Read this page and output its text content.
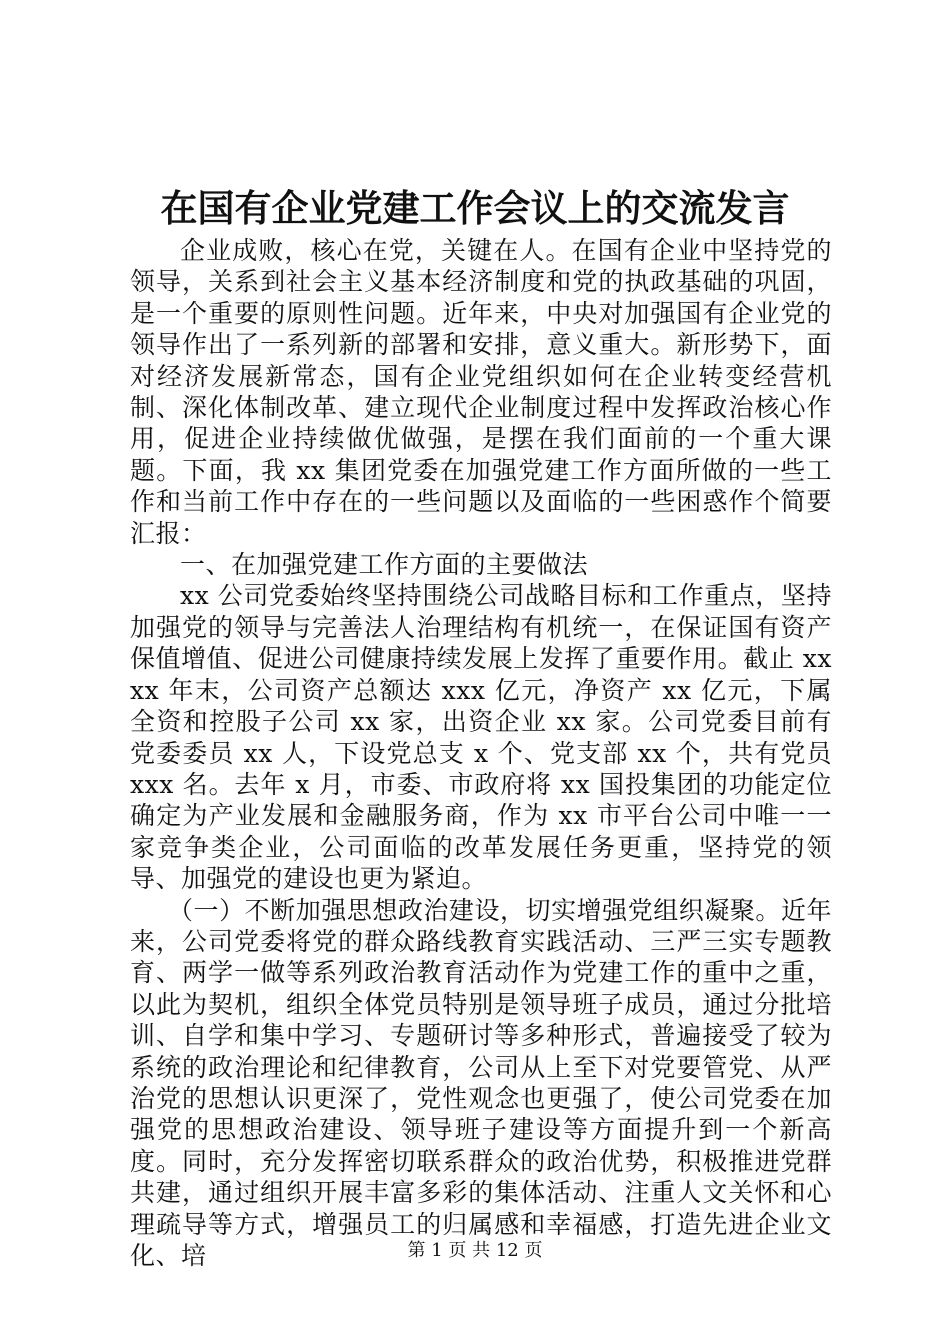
在国有企业党建工作会议上的交流发言

企业成败，核心在党，关键在人。在国有企业中坚持党的领导，关系到社会主义基本经济制度和党的执政基础的巩固，是一个重要的原则性问题。近年来，中央对加强国有企业党的领导作出了一系列新的部署和安排，意义重大。新形势下，面对经济发展新常态，国有企业党组织如何在企业转变经营机制、深化体制改革、建立现代企业制度过程中发挥政治核心作用，促进企业持续做优做强，是摆在我们面前的一个重大课题。下面，我 xx 集团党委在加强党建工作方面所做的一些工作和当前工作中存在的一些问题以及面临的一些困惑作个简要汇报：

一、在加强党建工作方面的主要做法

xx 公司党委始终坚持围绕公司战略目标和工作重点，坚持加强党的领导与完善法人治理结构有机统一，在保证国有资产保值增值、促进公司健康持续发展上发挥了重要作用。截止 xxxx 年末，公司资产总额达 xxx 亿元，净资产 xx 亿元，下属全资和控股子公司 xx 家，出资企业 xx 家。公司党委目前有党委委员 xx 人，下设党总支 x 个、党支部 xx 个，共有党员 xxx 名。去年 x 月，市委、市政府将 xx 国投集团的功能定位确定为产业发展和金融服务商，作为 xx 市平台公司中唯一一家竞争类企业，公司面临的改革发展任务更重，坚持党的领导、加强党的建设也更为紧迫。

（一）不断加强思想政治建设，切实增强党组织凝聚。近年来，公司党委将党的群众路线教育实践活动、三严三实专题教育、两学一做等系列政治教育活动作为党建工作的重中之重，以此为契机，组织全体党员特别是领导班子成员，通过分批培训、自学和集中学习、专题研讨等多种形式，普遍接受了较为系统的政治理论和纪律教育，公司从上至下对党要管党、从严治党的思想认识更深了，党性观念也更强了，使公司党委在加强党的思想政治建设、领导班子建设等方面提升到一个新高度。同时，充分发挥密切联系群众的政治优势，积极推进党群共建，通过组织开展丰富多彩的集体活动、注重人文关怀和心理疏导等方式，增强员工的归属感和幸福感，打造先进企业文化、培	第 1 页 共 12 页
